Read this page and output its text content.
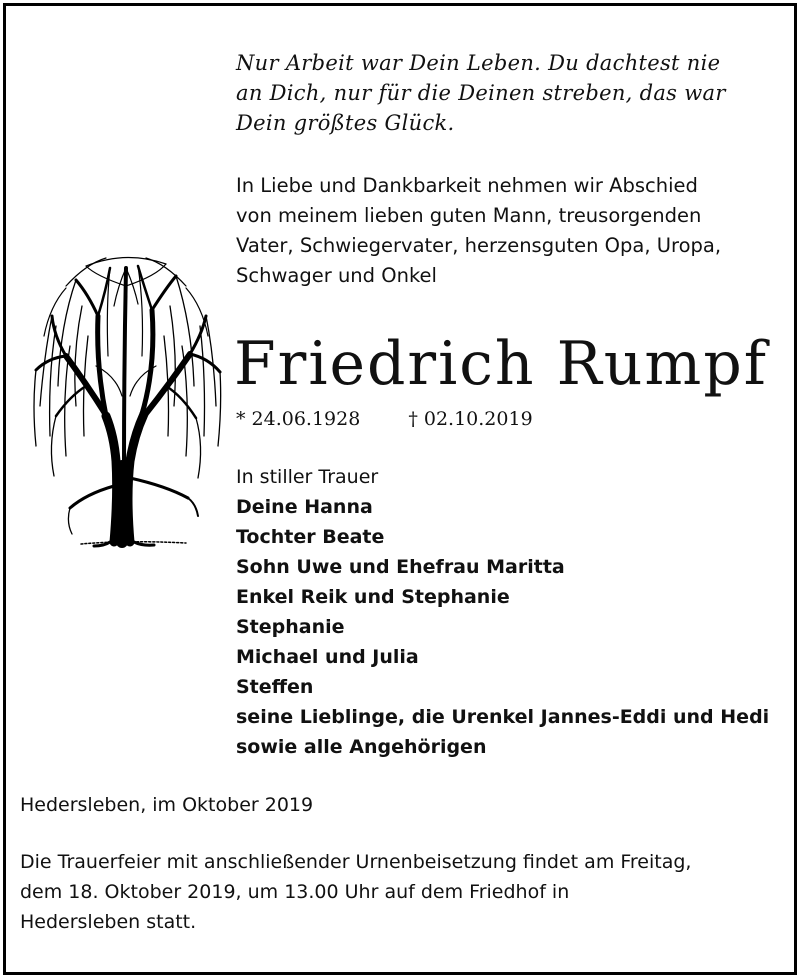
Nur Arbeit war Dein Leben. Du dachtest nie

an Dich, nur für die Deinen streben, das war

Dein größtes Glück.

In Liebe und Dankbarkeit nehmen wir Abschied

von meinem lieben guten Mann, treusorgenden

Vater, Schwiegervater, herzensguten Opa, Uropa,

Schwager und Onkel

Friedrich Rumpf
* 24.06.1928	† 02.10.2019
In stiller Trauer
Deine Hanna
Tochter Beate
Sohn Uwe und Ehefrau Maritta
Enkel Reik und Stephanie
Stephanie
Michael und Julia
Steffen
seine Lieblinge, die Urenkel Jannes-Eddi und Hedi
sowie alle Angehörigen
Hedersleben, im Oktober 2019

Die Trauerfeier mit anschließender Urnenbeisetzung findet am Freitag,

dem 18. Oktober 2019, um 13.00 Uhr auf dem Friedhof in

Hedersleben statt.
